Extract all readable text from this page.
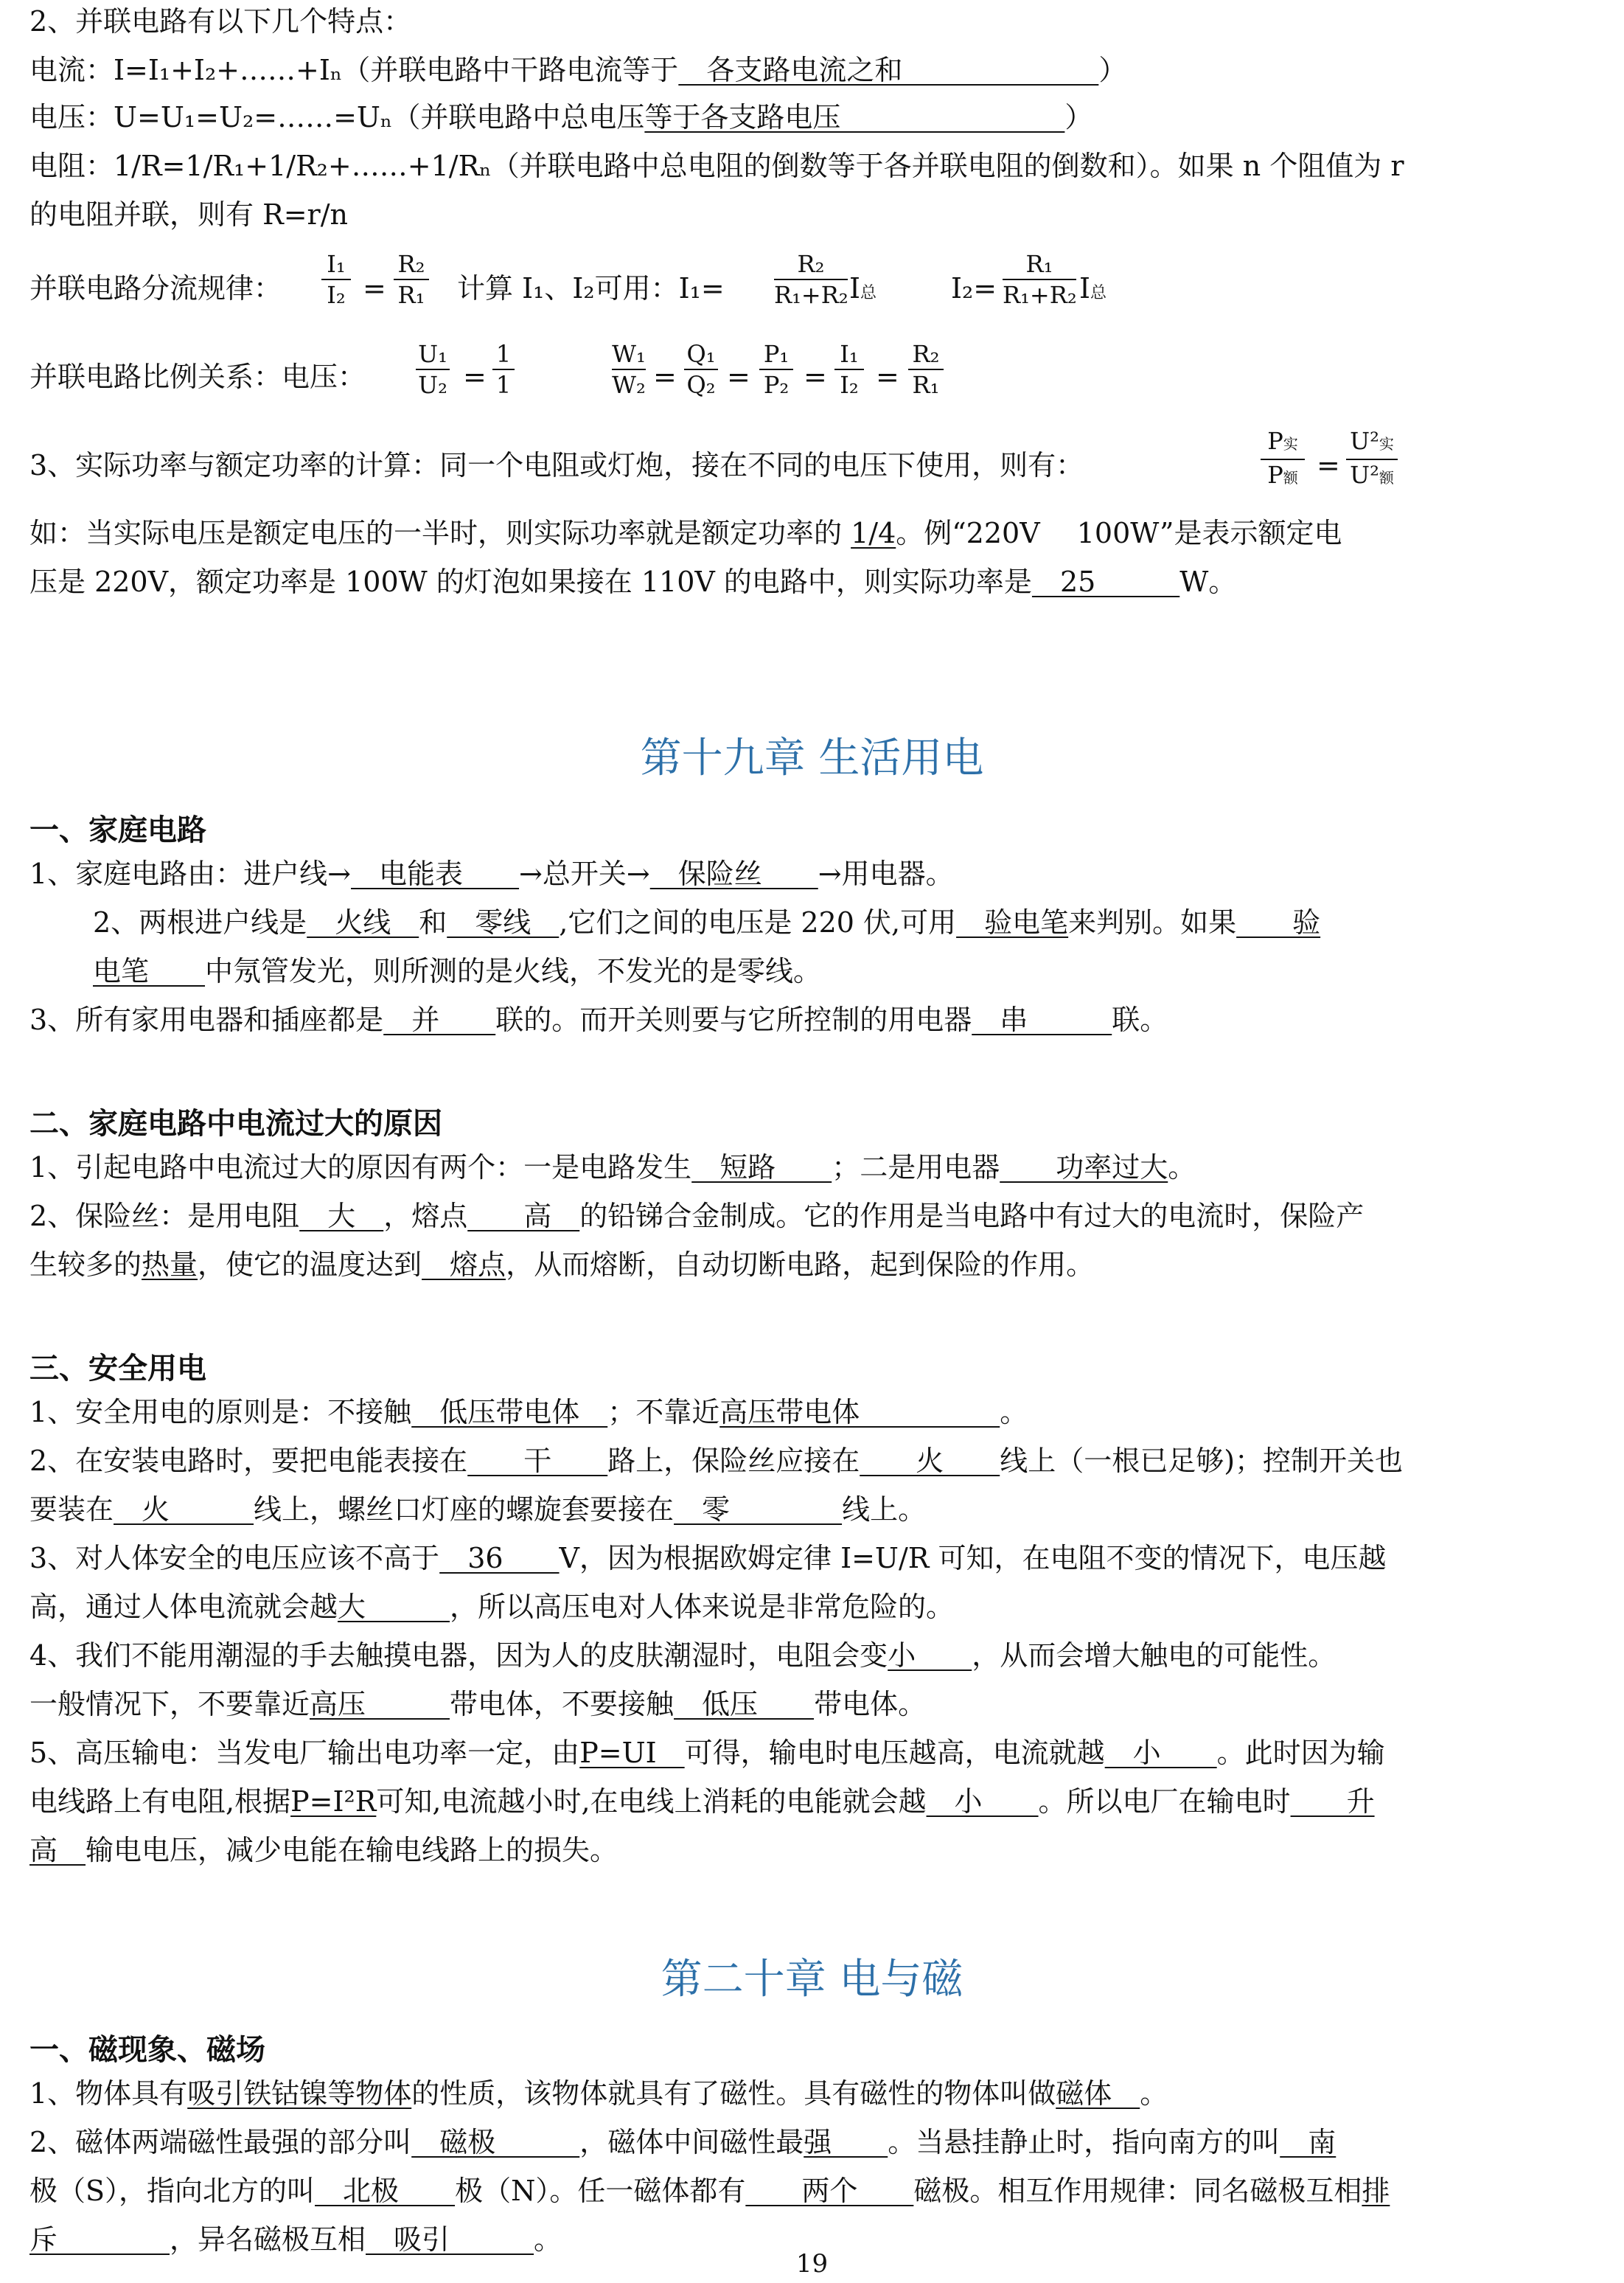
2、并联电路有以下几个特点：
电流：I=I₁+I₂+……+Iₙ（并联电路中干路电流等于　各支路电流之和　　　　　　　）
电压：U=U₁=U₂=……=Uₙ（并联电路中总电压等于各支路电压　　　　　　　　）
电阻：1/R=1/R₁+1/R₂+……+1/Rₙ（并联电路中总电阻的倒数等于各并联电阻的倒数和）。如果 n 个阻值为 r
的电阻并联，则有 R=r/n
并联电路分流规律：
I₁
I₂ =
R₂
R₁ 计算 I₁、I₂可用：I₁=
R₂
R₁+R₂ I总	I₂=
R₁
R₁+R₂ I总
并联电路比例关系：电压：
U₁
U₂ =
1
1
W₁
W₂ =
Q₁
Q₂ =
P₁
P₂ =
I₁
I₂ =
R₂
R₁
3、实际功率与额定功率的计算：同一个电阻或灯炮，接在不同的电压下使用，则有：
P实
P额 =
U²实
U²额
如：当实际电压是额定电压的一半时，则实际功率就是额定功率的 1/4。例“220V　 100W”是表示额定电
压是 220V，额定功率是 100W 的灯泡如果接在 110V 的电路中，则实际功率是　25　　　W。
第十九章 生活用电
一、家庭电路
1、家庭电路由：进户线→　电能表　　→总开关→　保险丝　　→用电器。
2、两根进户线是　火线　和　零线　,它们之间的电压是 220 伏,可用　验电笔来判别。如果　　验
电笔　　中氖管发光，则所测的是火线，不发光的是零线。
3、所有家用电器和插座都是　并　　联的。而开关则要与它所控制的用电器　串　　　联。
二、家庭电路中电流过大的原因
1、引起电路中电流过大的原因有两个：一是电路发生　短路　　；二是用电器　　功率过大。
2、保险丝：是用电阻　大　，熔点　　高　的铅锑合金制成。它的作用是当电路中有过大的电流时，保险产
生较多的热量，使它的温度达到　熔点，从而熔断，自动切断电路，起到保险的作用。
三、安全用电
1、安全用电的原则是：不接触　低压带电体　；不靠近高压带电体　　　　　。
2、在安装电路时，要把电能表接在　　干　　路上，保险丝应接在　　火　　线上（一根已足够)；控制开关也
要装在　火　　　线上，螺丝口灯座的螺旋套要接在　零　　　　线上。
3、对人体安全的电压应该不高于　36　　V，因为根据欧姆定律 I=U/R 可知，在电阻不变的情况下，电压越
高，通过人体电流就会越大　　　，所以高压电对人体来说是非常危险的。
4、我们不能用潮湿的手去触摸电器，因为人的皮肤潮湿时，电阻会变小　　，从而会增大触电的可能性。
一般情况下，不要靠近高压　　　带电体，不要接触　低压　　带电体。
5、高压输电：当发电厂输出电功率一定，由P=UI　可得，输电时电压越高，电流就越　小　　。此时因为输
电线路上有电阻,根据P=I²R可知,电流越小时,在电线上消耗的电能就会越　小　　。所以电厂在输电时　　升
高　输电电压，减少电能在输电线路上的损失。
第二十章 电与磁
一、磁现象、磁场
1、物体具有吸引铁钴镍等物体的性质，该物体就具有了磁性。具有磁性的物体叫做磁体　。
2、磁体两端磁性最强的部分叫　磁极　　　，磁体中间磁性最强　　。当悬挂静止时，指向南方的叫　南
极（S），指向北方的叫　北极　　极（N）。任一磁体都有　　两个　　磁极。相互作用规律：同名磁极互相排
斥　　　　，异名磁极互相　吸引　　　。
19
